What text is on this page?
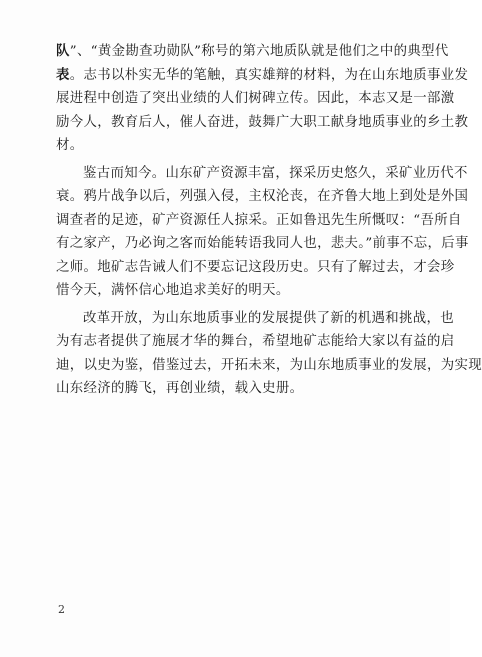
队”、“黄金勘查功勋队”称号的第六地质队就是他们之中的典型代
表。志书以朴实无华的笔触，真实雄辩的材料，为在山东地质事业发
展进程中创造了突出业绩的人们树碑立传。因此，本志又是一部激
励今人，教育后人，催人奋进，鼓舞广大职工献身地质事业的乡土教
材。
鉴古而知今。山东矿产资源丰富，探采历史悠久，采矿业历代不
衰。鸦片战争以后，列强入侵，主权沦丧，在齐鲁大地上到处是外国
调查者的足迹，矿产资源任人掠采。正如鲁迅先生所慨叹：“吾所自
有之家产，乃必询之客而始能转语我同人也，悲夫。”前事不忘，后事
之师。地矿志告诫人们不要忘记这段历史。只有了解过去，才会珍
惜今天，满怀信心地追求美好的明天。
改革开放，为山东地质事业的发展提供了新的机遇和挑战，也
为有志者提供了施展才华的舞台，希望地矿志能给大家以有益的启
迪，以史为鉴，借鉴过去，开拓未来，为山东地质事业的发展，为实现
山东经济的腾飞，再创业绩，载入史册。
2
